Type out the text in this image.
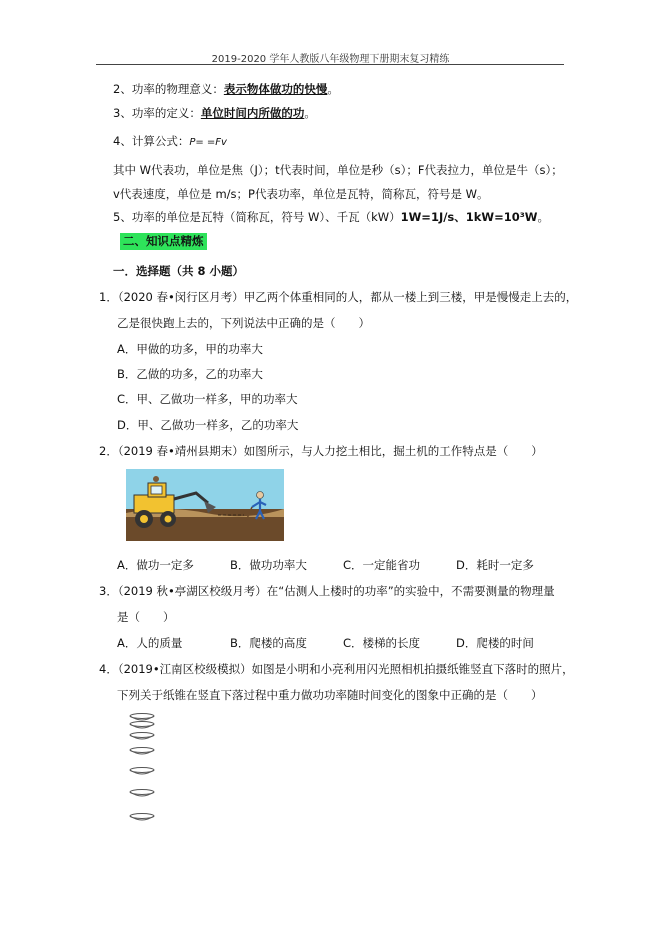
2019-2020 学年人教版八年级物理下册期末复习精练
2、功率的物理意义：表示物体做功的快慢。
3、功率的定义：单位时间内所做的功。
4、计算公式：P= =Fv
其中 W代表功，单位是焦（J）；t代表时间，单位是秒（s）；F代表拉力，单位是牛（s）；
v代表速度，单位是 m/s；P代表功率，单位是瓦特，简称瓦，符号是 W。
5、功率的单位是瓦特（简称瓦，符号 W）、千瓦（kW）1W=1J/s、1kW=10³W。
二、知识点精炼
一．选择题（共 8 小题）
1．（2020 春•闵行区月考）甲乙两个体重相同的人，都从一楼上到三楼，甲是慢慢走上去的，
乙是很快跑上去的，下列说法中正确的是（　　）
A．甲做的功多，甲的功率大
B．乙做的功多，乙的功率大
C．甲、乙做功一样多，甲的功率大
D．甲、乙做功一样多，乙的功率大
2．（2019 春•靖州县期末）如图所示，与人力挖土相比，掘土机的工作特点是（　　）
A．做功一定多	B．做功功率大	C．一定能省功	D．耗时一定多
3．（2019 秋•亭湖区校级月考）在“估测人上楼时的功率”的实验中，不需要测量的物理量
是（　　）
A．人的质量	B．爬楼的高度	C．楼梯的长度	D．爬楼的时间
4．（2019•江南区校级模拟）如图是小明和小亮利用闪光照相机拍摄纸锥竖直下落时的照片，
下列关于纸锥在竖直下落过程中重力做功功率随时间变化的图象中正确的是（　　）
